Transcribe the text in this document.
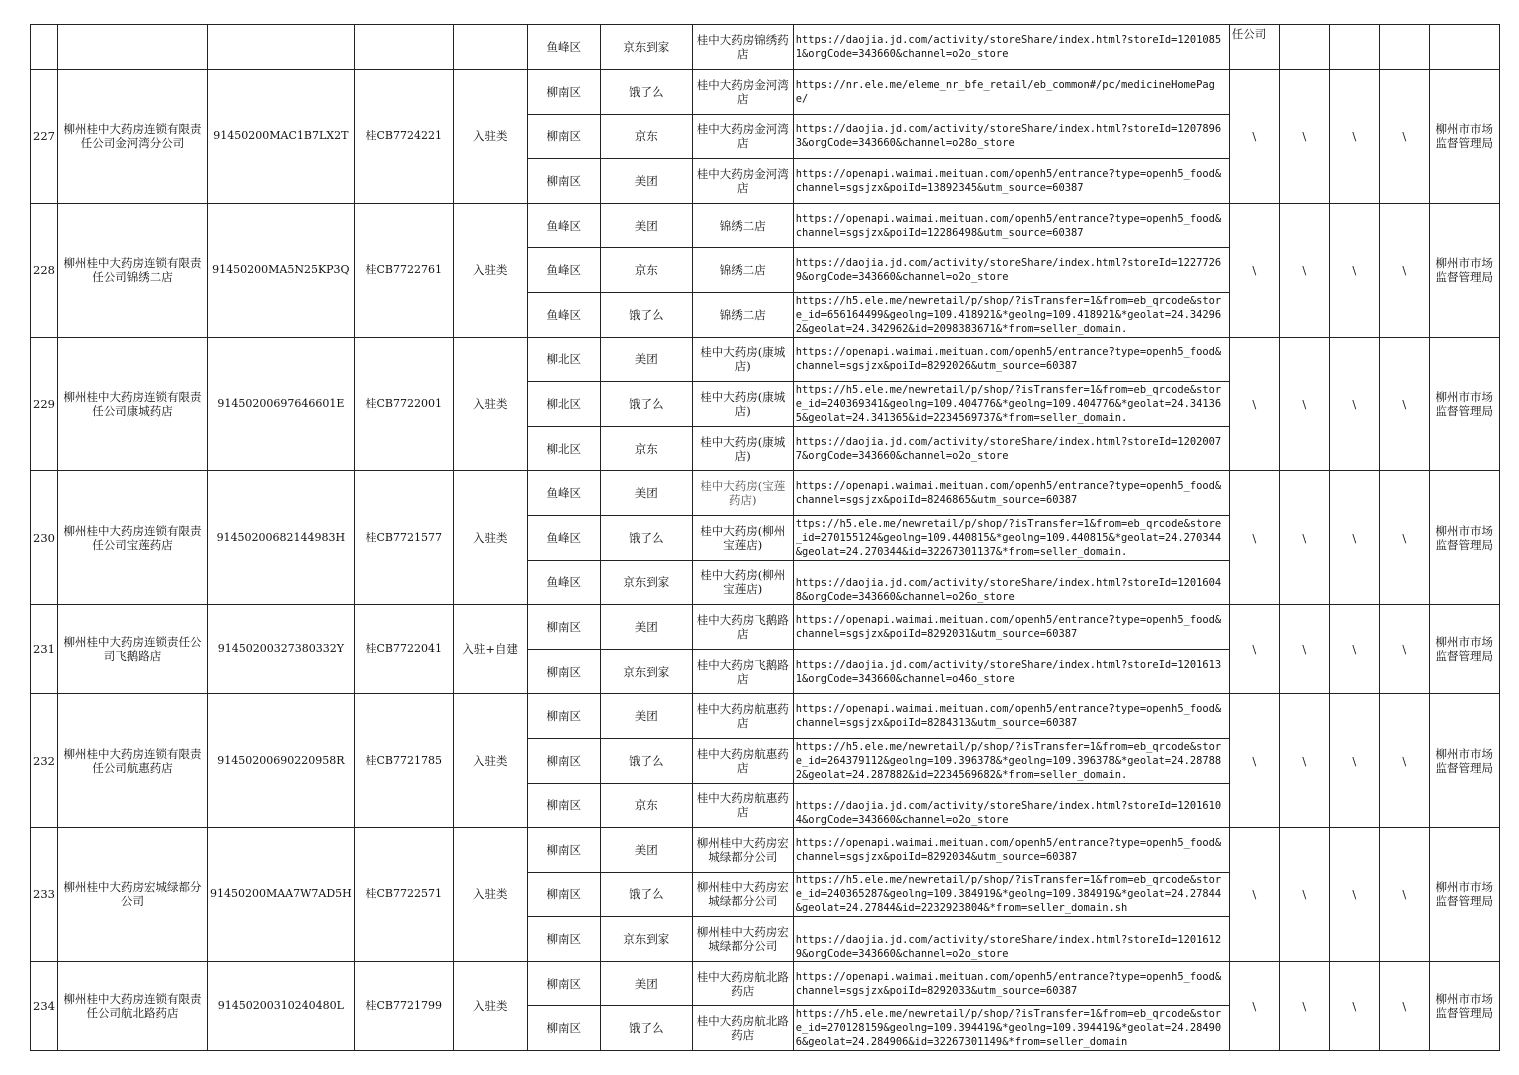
					鱼峰区	京东到家	桂中大药房锦绣药店	https://daojia.jd.com/activity/storeShare/index.html?storeId=12010851&orgCode=343660&channel=o2o_store	任公司				
227	柳州桂中大药房连锁有限责任公司金河湾分公司	91450200MAC1B7LX2T	桂CB7724221	入驻类	柳南区	饿了么	桂中大药房金河湾店	https://nr.ele.me/eleme_nr_bfe_retail/eb_common#/pc/medicineHomePage/	\	\	\	\	柳州市市场监督管理局
					柳南区	京东	桂中大药房金河湾店	https://daojia.jd.com/activity/storeShare/index.html?storeId=12078963&orgCode=343660&channel=o28o_store					

					柳南区	美团	桂中大药房金河湾店	https://openapi.waimai.meituan.com/openh5/entrance?type=openh5_food&channel=sgsjzx&poiId=13892345&utm_source=60387					

228	柳州桂中大药房连锁有限责任公司锦绣二店	91450200MA5N25KP3Q	桂CB7722761	入驻类	鱼峰区	美团	锦绣二店	https://openapi.waimai.meituan.com/openh5/entrance?type=openh5_food&channel=sgsjzx&poiId=12286498&utm_source=60387	\	\	\	\	柳州市市场监督管理局
					鱼峰区	京东	锦绣二店	https://daojia.jd.com/activity/storeShare/index.html?storeId=12277269&orgCode=343660&channel=o2o_store					

					鱼峰区	饿了么	锦绣二店	https://h5.ele.me/newretail/p/shop/?isTransfer=1&from=eb_qrcode&store_id=656164499&geolng=109.418921&*geolng=109.418921&*geolat=24.342962&geolat=24.342962&id=2098383671&*from=seller_domain.					

229	柳州桂中大药房连锁有限责任公司康城药店	91450200697646601E	桂CB7722001	入驻类	柳北区	美团	桂中大药房(康城店)	https://openapi.waimai.meituan.com/openh5/entrance?type=openh5_food&channel=sgsjzx&poiId=8292026&utm_source=60387	\	\	\	\	柳州市市场监督管理局
					柳北区	饿了么	桂中大药房(康城店)	https://h5.ele.me/newretail/p/shop/?isTransfer=1&from=eb_qrcode&store_id=240369341&geolng=109.404776&*geolng=109.404776&*geolat=24.341365&geolat=24.341365&id=2234569737&*from=seller_domain.					

					柳北区	京东	桂中大药房(康城店)	https://daojia.jd.com/activity/storeShare/index.html?storeId=12020077&orgCode=343660&channel=o2o_store					

230	柳州桂中大药房连锁有限责任公司宝莲药店	91450200682144983H	桂CB7721577	入驻类	鱼峰区	美团	桂中大药房(宝莲药店)	https://openapi.waimai.meituan.com/openh5/entrance?type=openh5_food&channel=sgsjzx&poiId=8246865&utm_source=60387	\	\	\	\	柳州市市场监督管理局
					鱼峰区	饿了么	桂中大药房(柳州宝莲店)	ttps://h5.ele.me/newretail/p/shop/?isTransfer=1&from=eb_qrcode&store_id=270155124&geolng=109.440815&*geolng=109.440815&*geolat=24.270344&geolat=24.270344&id=32267301137&*from=seller_domain.					

					鱼峰区	京东到家	桂中大药房(柳州宝莲店)	https://daojia.jd.com/activity/storeShare/index.html?storeId=12016048&orgCode=343660&channel=o26o_store					

231	柳州桂中大药房连锁责任公司飞鹅路店	91450200327380332Y	桂CB7722041	入驻+自建	柳南区	美团	桂中大药房飞鹅路店	https://openapi.waimai.meituan.com/openh5/entrance?type=openh5_food&channel=sgsjzx&poiId=8292031&utm_source=60387	\	\	\	\	柳州市市场监督管理局
					柳南区	京东到家	桂中大药房飞鹅路店	https://daojia.jd.com/activity/storeShare/index.html?storeId=12016131&orgCode=343660&channel=o46o_store					

232	柳州桂中大药房连锁有限责任公司航惠药店	91450200690220958R	桂CB7721785	入驻类	柳南区	美团	桂中大药房航惠药店	https://openapi.waimai.meituan.com/openh5/entrance?type=openh5_food&channel=sgsjzx&poiId=8284313&utm_source=60387	\	\	\	\	柳州市市场监督管理局
					柳南区	饿了么	桂中大药房航惠药店	https://h5.ele.me/newretail/p/shop/?isTransfer=1&from=eb_qrcode&store_id=264379112&geolng=109.396378&*geolng=109.396378&*geolat=24.287882&geolat=24.287882&id=2234569682&*from=seller_domain.					

					柳南区	京东	桂中大药房航惠药店	https://daojia.jd.com/activity/storeShare/index.html?storeId=12016104&orgCode=343660&channel=o2o_store					

233	柳州桂中大药房宏城绿都分公司	91450200MAA7W7AD5H	桂CB7722571	入驻类	柳南区	美团	柳州桂中大药房宏城绿都分公司	https://openapi.waimai.meituan.com/openh5/entrance?type=openh5_food&channel=sgsjzx&poiId=8292034&utm_source=60387	\	\	\	\	柳州市市场监督管理局
					柳南区	饿了么	柳州桂中大药房宏城绿都分公司	https://h5.ele.me/newretail/p/shop/?isTransfer=1&from=eb_qrcode&store_id=240365287&geolng=109.384919&*geolng=109.384919&*geolat=24.27844&geolat=24.27844&id=2232923804&*from=seller_domain.sh					

					柳南区	京东到家	柳州桂中大药房宏城绿都分公司	https://daojia.jd.com/activity/storeShare/index.html?storeId=12016129&orgCode=343660&channel=o2o_store					

234	柳州桂中大药房连锁有限责任公司航北路药店	91450200310240480L	桂CB7721799	入驻类	柳南区	美团	桂中大药房航北路药店	https://openapi.waimai.meituan.com/openh5/entrance?type=openh5_food&channel=sgsjzx&poiId=8292033&utm_source=60387	\	\	\	\	柳州市市场监督管理局
					柳南区	饿了么	桂中大药房航北路药店	https://h5.ele.me/newretail/p/shop/?isTransfer=1&from=eb_qrcode&store_id=270128159&geolng=109.394419&*geolng=109.394419&*geolat=24.284906&geolat=24.284906&id=32267301149&*from=seller_domain					
